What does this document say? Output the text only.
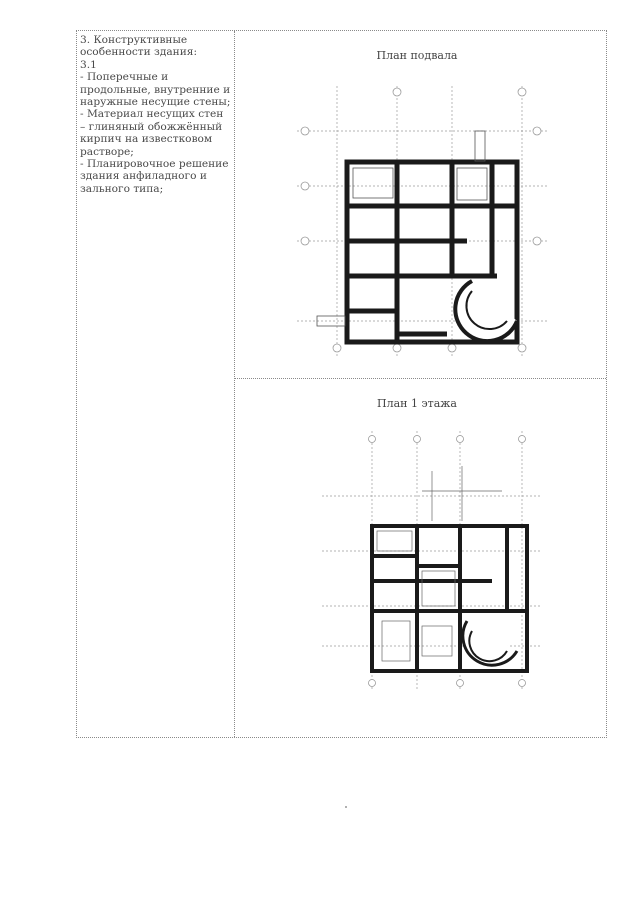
3. Конструктивные особенности здания:
3.1
- Поперечные и продольные, внутренние и наружные несущие стены;
- Материал несущих стен – глиняный обожжённый кирпич на известковом растворе;
- Планировочное решение здания анфиладного и зального типа;
План подвала
План 1 этажа
